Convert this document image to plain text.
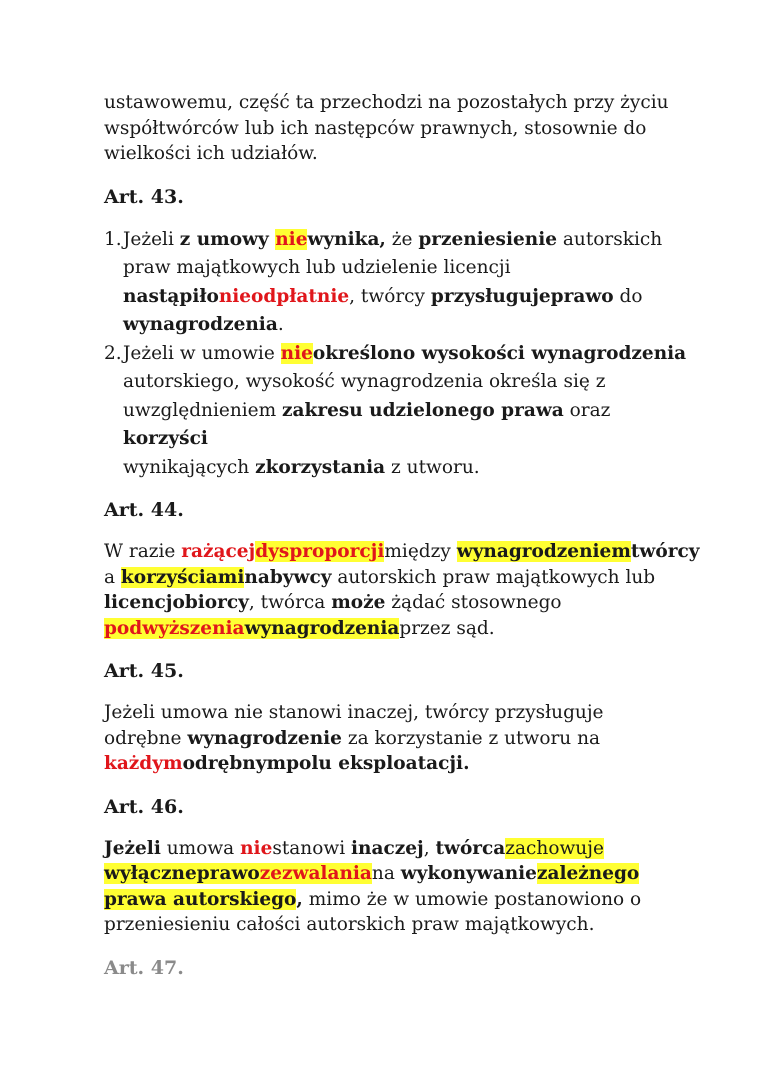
ustawowemu, część ta przechodzi na pozostałych przy życiu
współtwórców lub ich następców prawnych, stosownie do
wielkości ich udziałów.

Art. 43.

1. Jeżeli z umowy niewynika, że przeniesienie autorskich
praw majątkowych lub udzielenie licencji
nastąpiłonieodpłatnie, twórcy przysługujeprawo do
wynagrodzenia.
2. Jeżeli w umowie nieokreślono wysokości wynagrodzenia
autorskiego, wysokość wynagrodzenia określa się z
uwzględnieniem zakresu udzielonego prawa oraz korzyści
wynikających zkorzystania z utworu.

Art. 44.

W razie rażącejdysproporcjimiędzy wynagrodzeniemtwórcy
a korzyściaminabywcy autorskich praw majątkowych lub
licencjobiorcy, twórca może żądać stosownego
podwyższeniawynagrodzeniaprzez sąd.

Art. 45.

Jeżeli umowa nie stanowi inaczej, twórcy przysługuje
odrębne wynagrodzenie za korzystanie z utworu na
każdymodrębnympolu eksploatacji.

Art. 46.

Jeżeli umowa niestanowi inaczej, twórcazachowuje
wyłączneprawozezwalaniana wykonywaniezależnego
prawa autorskiego, mimo że w umowie postanowiono o
przeniesieniu całości autorskich praw majątkowych.

Art. 47.
